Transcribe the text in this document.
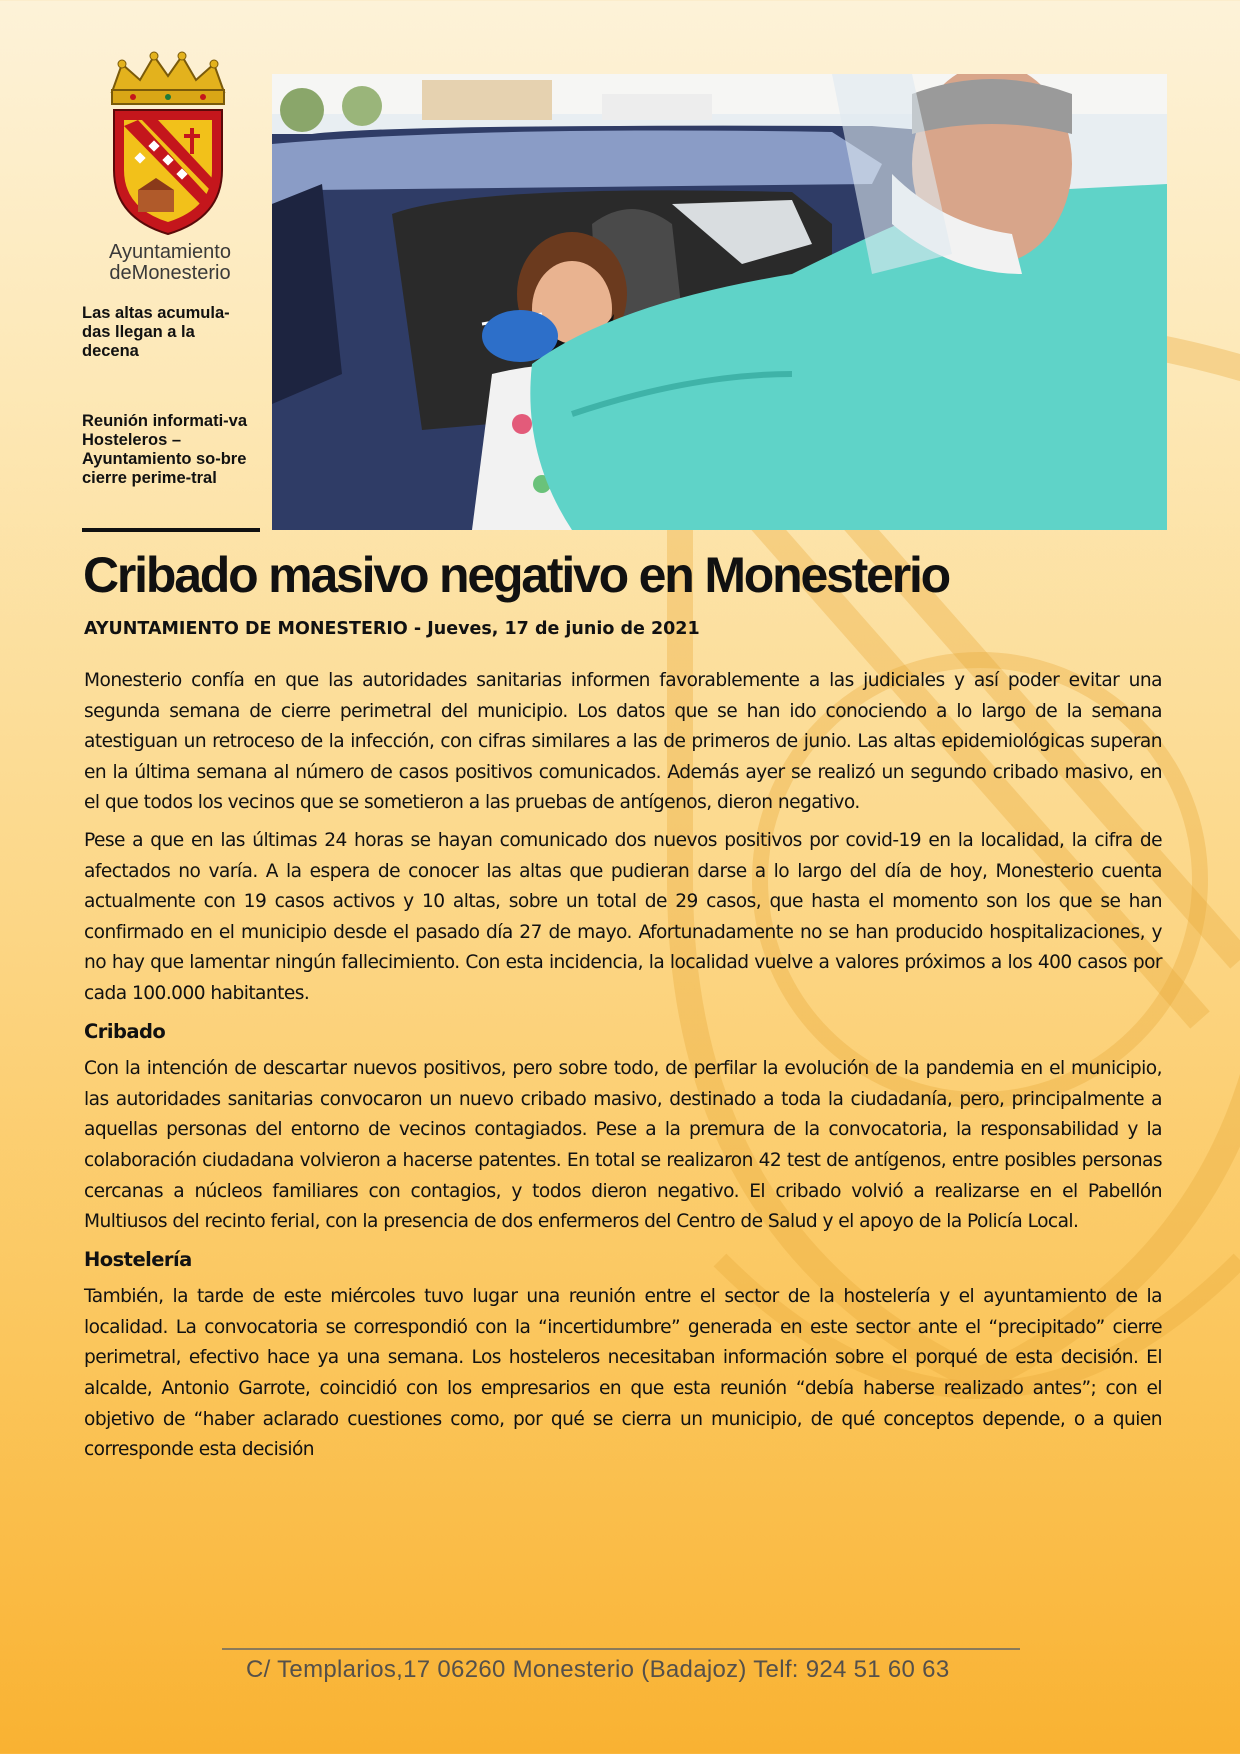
Ayuntamiento
deMonesterio
Las altas acumula-das llegan a la decena
Reunión informati-va Hosteleros – Ayuntamiento so-bre cierre perime-tral
Cribado masivo negativo en Monesterio
AYUNTAMIENTO DE MONESTERIO - Jueves, 17 de junio de 2021

Monesterio confía en que las autoridades sanitarias informen favorablemente a las judiciales y así poder evitar una segunda semana de cierre perimetral del municipio. Los datos que se han ido conociendo a lo largo de la semana atestiguan un retroceso de la infección, con cifras similares a las de primeros de junio. Las altas epidemiológicas superan en la última semana al número de casos positivos comunicados. Además ayer se realizó un segundo cribado masivo, en el que todos los vecinos que se sometieron a las pruebas de antígenos, dieron negativo.

Pese a que en las últimas 24 horas se hayan comunicado dos nuevos positivos por covid-19 en la localidad, la cifra de afectados no varía. A la espera de conocer las altas que pudieran darse a lo largo del día de hoy, Monesterio cuenta actualmente con 19 casos activos y 10 altas, sobre un total de 29 casos, que hasta el momento son los que se han confirmado en el municipio desde el pasado día 27 de mayo. Afortunadamente no se han producido hospitalizaciones, y no hay que lamentar ningún fallecimiento. Con esta incidencia, la localidad vuelve a valores próximos a los 400 casos por cada 100.000 habitantes.

Cribado

Con la intención de descartar nuevos positivos, pero sobre todo, de perfilar la evolución de la pandemia en el municipio, las autoridades sanitarias convocaron un nuevo cribado masivo, destinado a toda la ciudadanía, pero, principalmente a aquellas personas del entorno de vecinos contagiados. Pese a la premura de la convocatoria, la responsabilidad y la colaboración ciudadana volvieron a hacerse patentes. En total se realizaron 42 test de antígenos, entre posibles personas cercanas a núcleos familiares con contagios, y todos dieron negativo. El cribado volvió a realizarse en el Pabellón Multiusos del recinto ferial, con la presencia de dos enfermeros del Centro de Salud y el apoyo de la Policía Local.

Hostelería

También, la tarde de este miércoles tuvo lugar una reunión entre el sector de la hostelería y el ayuntamiento de la localidad. La convocatoria se correspondió con la “incertidumbre” generada en este sector ante el “precipitado” cierre perimetral, efectivo hace ya una semana. Los hosteleros necesitaban información sobre el porqué de esta decisión. El alcalde, Antonio Garrote, coincidió con los empresarios en que esta reunión “debía haberse realizado antes”; con el objetivo de “haber aclarado cuestiones como, por qué se cierra un municipio, de qué conceptos depende, o a quien corresponde esta decisión

C/ Templarios,17 06260 Monesterio (Badajoz) Telf: 924 51 60 63
